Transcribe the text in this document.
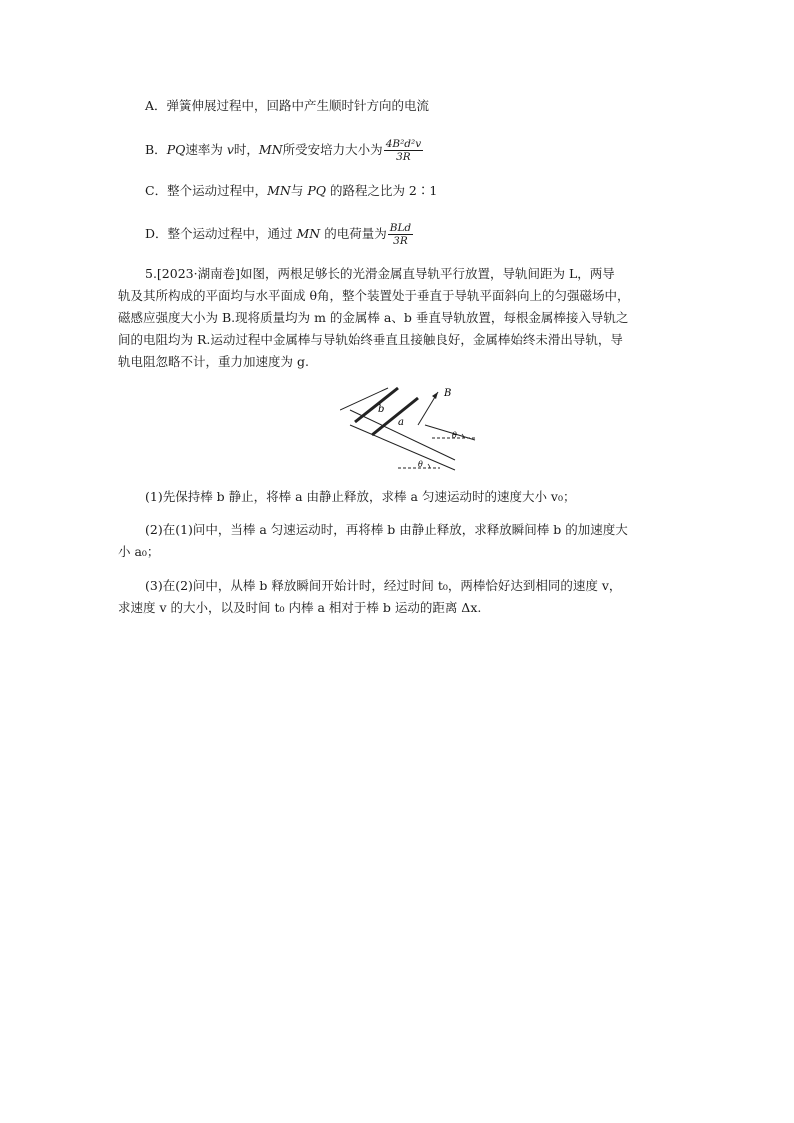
A．弹簧伸展过程中，回路中产生顺时针方向的电流
B．PQ速率为 v时，MN所受安培力大小为 $\frac{\text{4B²d²v}}{3R}$
C．整个运动过程中，MN与 PQ 的路程之比为 2∶1
D．整个运动过程中，通过 MN 的电荷量为 $\frac{\text{BLd}}{3R}$
5.[2023·湖南卷]如图，两根足够长的光滑金属直导轨平行放置，导轨间距为 L，两导
轨及其所构成的平面均与水平面成 θ角，整个装置处于垂直于导轨平面斜向上的匀强磁场中，
磁感应强度大小为 B.现将质量均为 m 的金属棒 a、b 垂直导轨放置，每根金属棒接入导轨之
间的电阻均为 R.运动过程中金属棒与导轨始终垂直且接触良好，金属棒始终未滑出导轨，导
轨电阻忽略不计，重力加速度为 g.
b
a
B
θ
θ
(1)先保持棒 b 静止，将棒 a 由静止释放，求棒 a 匀速运动时的速度大小 v₀；
(2)在(1)问中，当棒 a 匀速运动时，再将棒 b 由静止释放，求释放瞬间棒 b 的加速度大
小 a₀；
(3)在(2)问中，从棒 b 释放瞬间开始计时，经过时间 t₀，两棒恰好达到相同的速度 v，
求速度 v 的大小，以及时间 t₀ 内棒 a 相对于棒 b 运动的距离 Δx.
